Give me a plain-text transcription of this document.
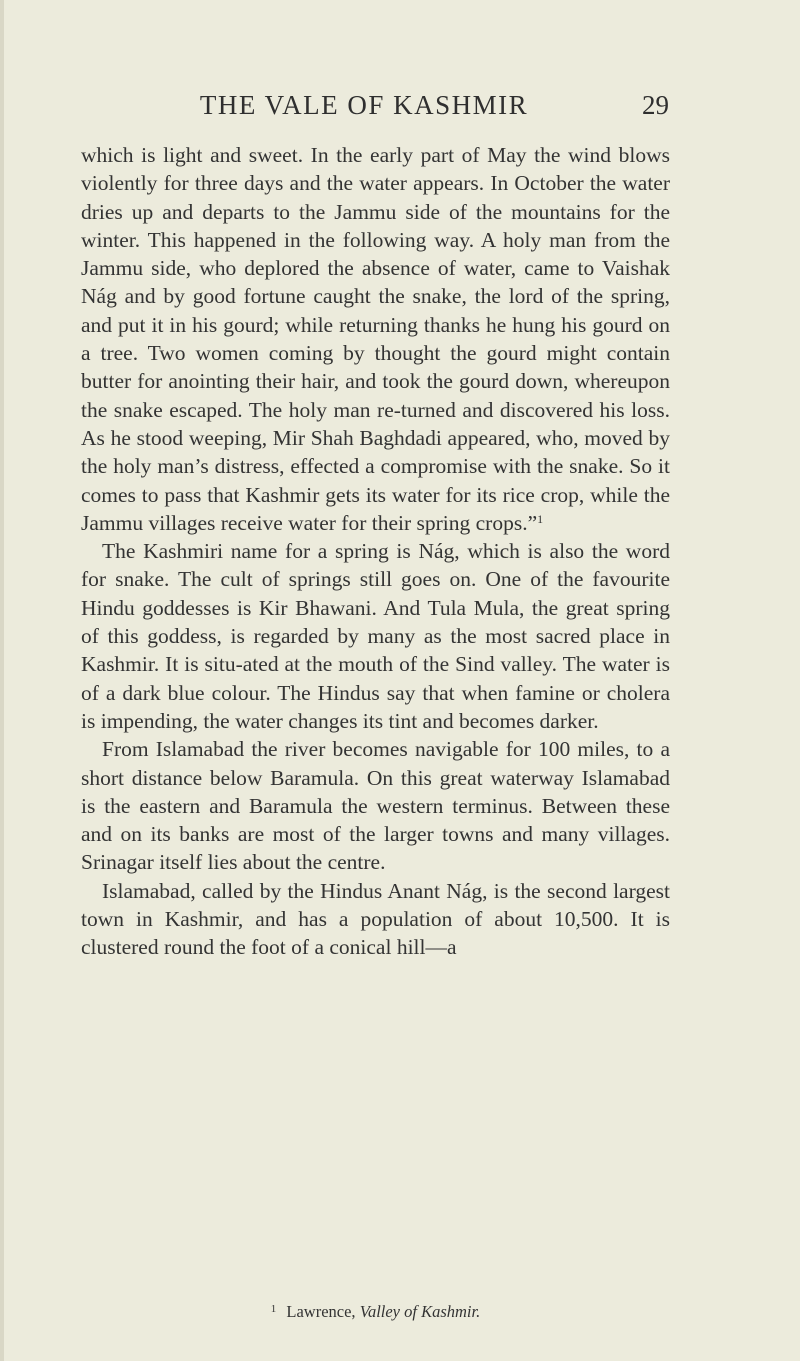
THE VALE OF KASHMIR	29

which is light and sweet. In the early part of May the wind blows violently for three days and the water appears. In October the water dries up and departs to the Jammu side of the mountains for the winter. This happened in the following way. A holy man from the Jammu side, who deplored the absence of water, came to Vaishak Nág and by good fortune caught the snake, the lord of the spring, and put it in his gourd; while returning thanks he hung his gourd on a tree. Two women coming by thought the gourd might contain butter for anointing their hair, and took the gourd down, whereupon the snake escaped. The holy man re-turned and discovered his loss. As he stood weeping, Mir Shah Baghdadi appeared, who, moved by the holy man’s distress, effected a compromise with the snake. So it comes to pass that Kashmir gets its water for its rice crop, while the Jammu villages receive water for their spring crops.”$^1$

The Kashmiri name for a spring is Nág, which is also the word for snake. The cult of springs still goes on. One of the favourite Hindu goddesses is Kir Bhawani. And Tula Mula, the great spring of this goddess, is regarded by many as the most sacred place in Kashmir. It is situ-ated at the mouth of the Sind valley. The water is of a dark blue colour. The Hindus say that when famine or cholera is impending, the water changes its tint and becomes darker.

From Islamabad the river becomes navigable for 100 miles, to a short distance below Baramula. On this great waterway Islamabad is the eastern and Baramula the western terminus. Between these and on its banks are most of the larger towns and many villages. Srinagar itself lies about the centre.

Islamabad, called by the Hindus Anant Nág, is the second largest town in Kashmir, and has a population of about 10,500. It is clustered round the foot of a conical hill—a

$^1$ Lawrence, Valley of Kashmir.
